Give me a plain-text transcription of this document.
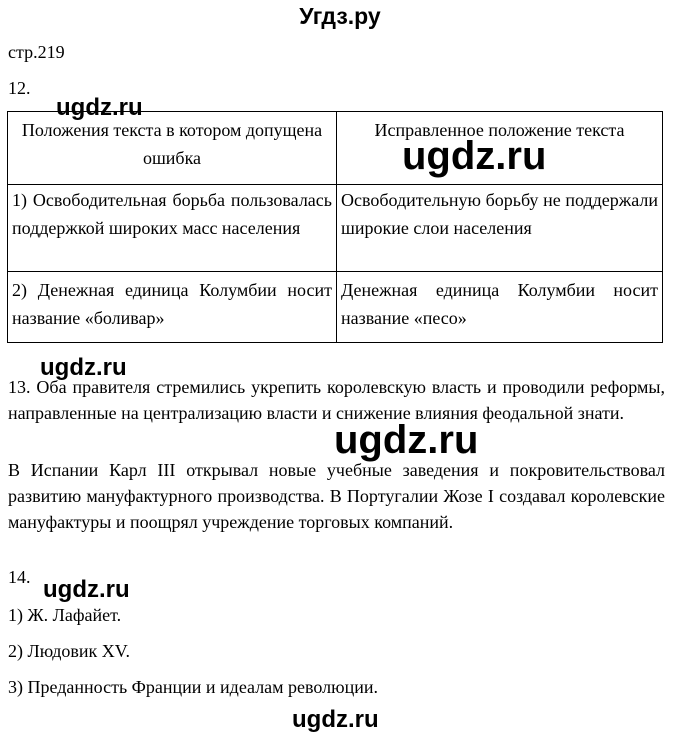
Угдз.ру
стр.219
12.
Положения текста в котором допущена ошибка	Исправленное положение текста
1) Освободительная борьба пользовалась поддержкой широких масс населения	Освободительную борьбу не поддержали широкие слои населения
2) Денежная единица Колумбии носит название «боливар»	Денежная единица Колумбии носит название «песо»

13. Оба правителя стремились укрепить королевскую власть и проводили реформы, направленные на централизацию власти и снижение влияния феодальной знати.

В Испании Карл III открывал новые учебные заведения и покровительствовал развитию мануфактурного производства. В Португалии Жозе I создавал королевские мануфактуры и поощрял учреждение торговых компаний.

14.

1) Ж. Лафайет.

2) Людовик XV.

3) Преданность Франции и идеалам революции.

ugdz.ru
ugdz.ru
ugdz.ru
ugdz.ru
ugdz.ru
ugdz.ru
